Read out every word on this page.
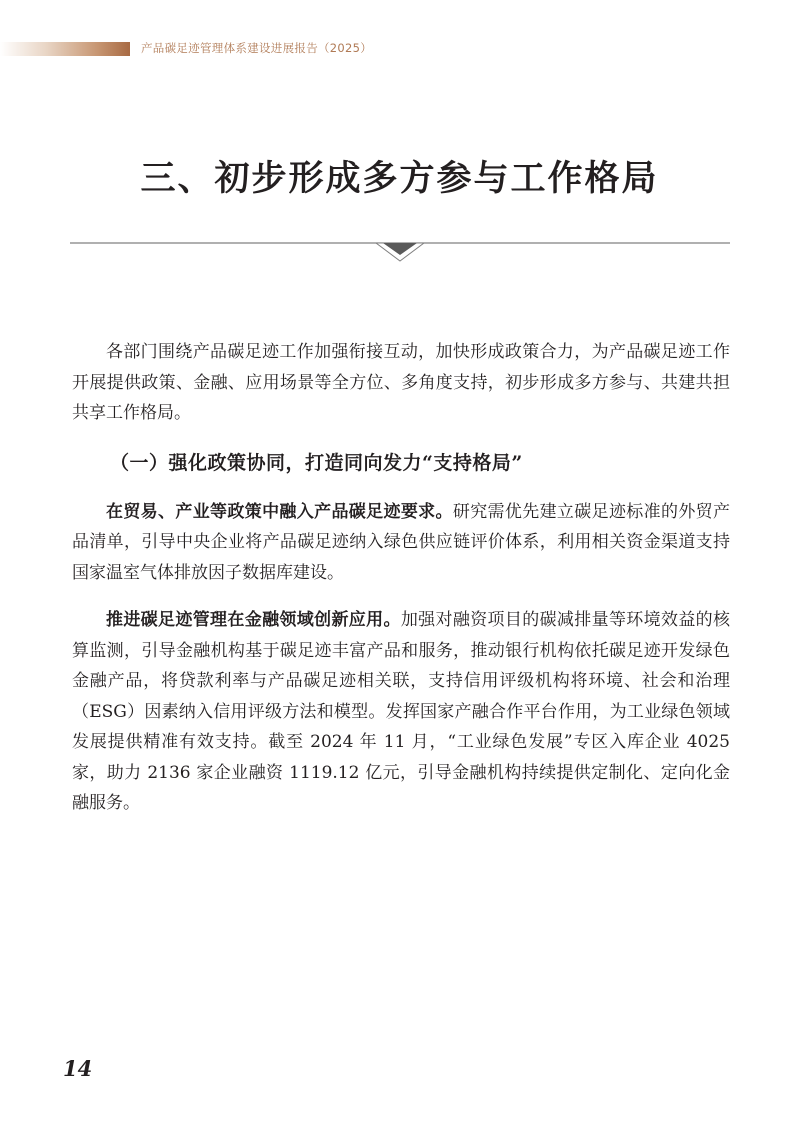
产品碳足迹管理体系建设进展报告（2025）
三、初步形成多方参与工作格局

各部门围绕产品碳足迹工作加强衔接互动，加快形成政策合力，为产品碳足迹工作开展提供政策、金融、应用场景等全方位、多角度支持，初步形成多方参与、共建共担共享工作格局。

（一）强化政策协同，打造同向发力“支持格局”

在贸易、产业等政策中融入产品碳足迹要求。研究需优先建立碳足迹标准的外贸产品清单，引导中央企业将产品碳足迹纳入绿色供应链评价体系，利用相关资金渠道支持国家温室气体排放因子数据库建设。

推进碳足迹管理在金融领域创新应用。加强对融资项目的碳减排量等环境效益的核算监测，引导金融机构基于碳足迹丰富产品和服务，推动银行机构依托碳足迹开发绿色金融产品，将贷款利率与产品碳足迹相关联，支持信用评级机构将环境、社会和治理（ESG）因素纳入信用评级方法和模型。发挥国家产融合作平台作用，为工业绿色领域发展提供精准有效支持。截至 2024 年 11 月，“工业绿色发展”专区入库企业 4025 家，助力 2136 家企业融资 1119.12 亿元，引导金融机构持续提供定制化、定向化金融服务。

14
